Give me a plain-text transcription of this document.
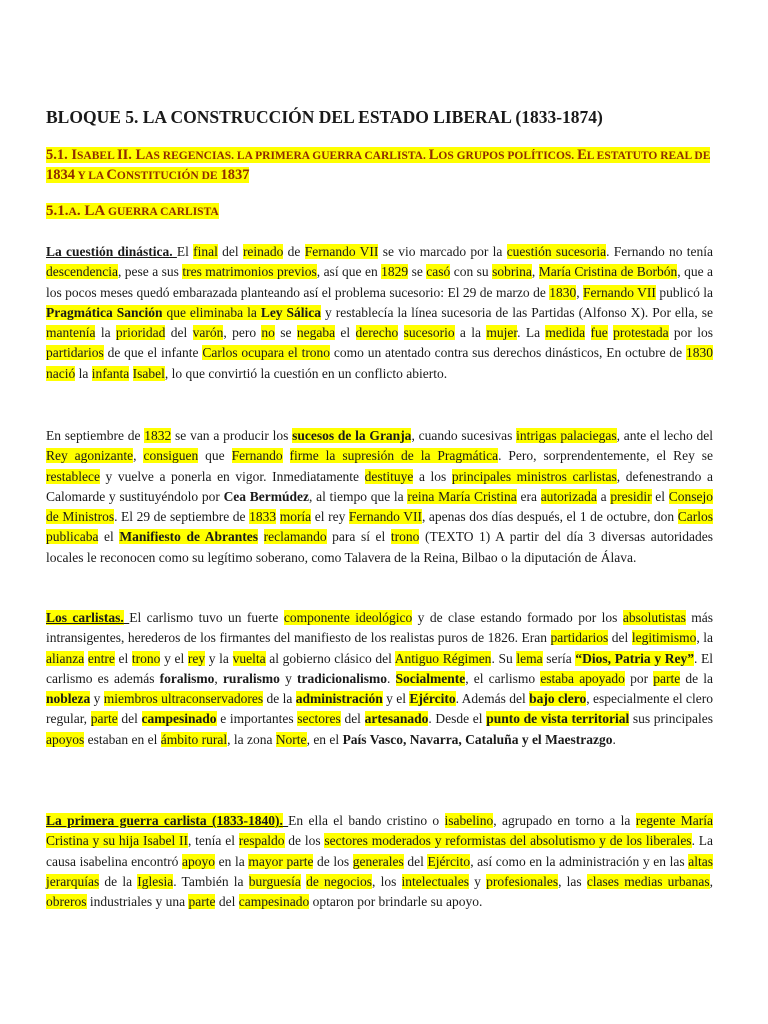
BLOQUE 5. LA CONSTRUCCIÓN DEL ESTADO LIBERAL (1833-1874)
5.1. ISABEL II. LAS REGENCIAS. LA PRIMERA GUERRA CARLISTA. LOS GRUPOS POLÍTICOS. EL ESTATUTO REAL DE 1834 Y LA CONSTITUCIÓN DE 1837
5.1.A. LA GUERRA CARLISTA

La cuestión dinástica. El final del reinado de Fernando VII se vio marcado por la cuestión sucesoria. Fernando no tenía descendencia, pese a sus tres matrimonios previos, así que en 1829 se casó con su sobrina, María Cristina de Borbón, que a los pocos meses quedó embarazada planteando así el problema sucesorio: El 29 de marzo de 1830, Fernando VII publicó la Pragmática Sanción que eliminaba la Ley Sálica y restablecía la línea sucesoria de las Partidas (Alfonso X). Por ella, se mantenía la prioridad del varón, pero no se negaba el derecho sucesorio a la mujer. La medida fue protestada por los partidarios de que el infante Carlos ocupara el trono como un atentado contra sus derechos dinásticos, En octubre de 1830 nació la infanta Isabel, lo que convirtió la cuestión en un conflicto abierto.

En septiembre de 1832 se van a producir los sucesos de la Granja, cuando sucesivas intrigas palaciegas, ante el lecho del Rey agonizante, consiguen que Fernando firme la supresión de la Pragmática. Pero, sorprendentemente, el Rey se restablece y vuelve a ponerla en vigor. Inmediatamente destituye a los principales ministros carlistas, defenestrando a Calomarde y sustituyéndolo por Cea Bermúdez, al tiempo que la reina María Cristina era autorizada a presidir el Consejo de Ministros. El 29 de septiembre de 1833 moría el rey Fernando VII, apenas dos días después, el 1 de octubre, don Carlos publicaba el Manifiesto de Abrantes reclamando para sí el trono (TEXTO 1) A partir del día 3 diversas autoridades locales le reconocen como su legítimo soberano, como Talavera de la Reina, Bilbao o la diputación de Álava.

Los carlistas. El carlismo tuvo un fuerte componente ideológico y de clase estando formado por los absolutistas más intransigentes, herederos de los firmantes del manifiesto de los realistas puros de 1826. Eran partidarios del legitimismo, la alianza entre el trono y el rey y la vuelta al gobierno clásico del Antiguo Régimen. Su lema sería “Dios, Patria y Rey”. El carlismo es además foralismo, ruralismo y tradicionalismo. Socialmente, el carlismo estaba apoyado por parte de la nobleza y miembros ultraconservadores de la administración y el Ejército. Además del bajo clero, especialmente el clero regular, parte del campesinado e importantes sectores del artesanado. Desde el punto de vista territorial sus principales apoyos estaban en el ámbito rural, la zona Norte, en el País Vasco, Navarra, Cataluña y el Maestrazgo.

La primera guerra carlista (1833-1840). En ella el bando cristino o isabelino, agrupado en torno a la regente María Cristina y su hija Isabel II, tenía el respaldo de los sectores moderados y reformistas del absolutismo y de los liberales. La causa isabelina encontró apoyo en la mayor parte de los generales del Ejército, así como en la administración y en las altas jerarquías de la Iglesia. También la burguesía de negocios, los intelectuales y profesionales, las clases medias urbanas, obreros industriales y una parte del campesinado optaron por brindarle su apoyo.
